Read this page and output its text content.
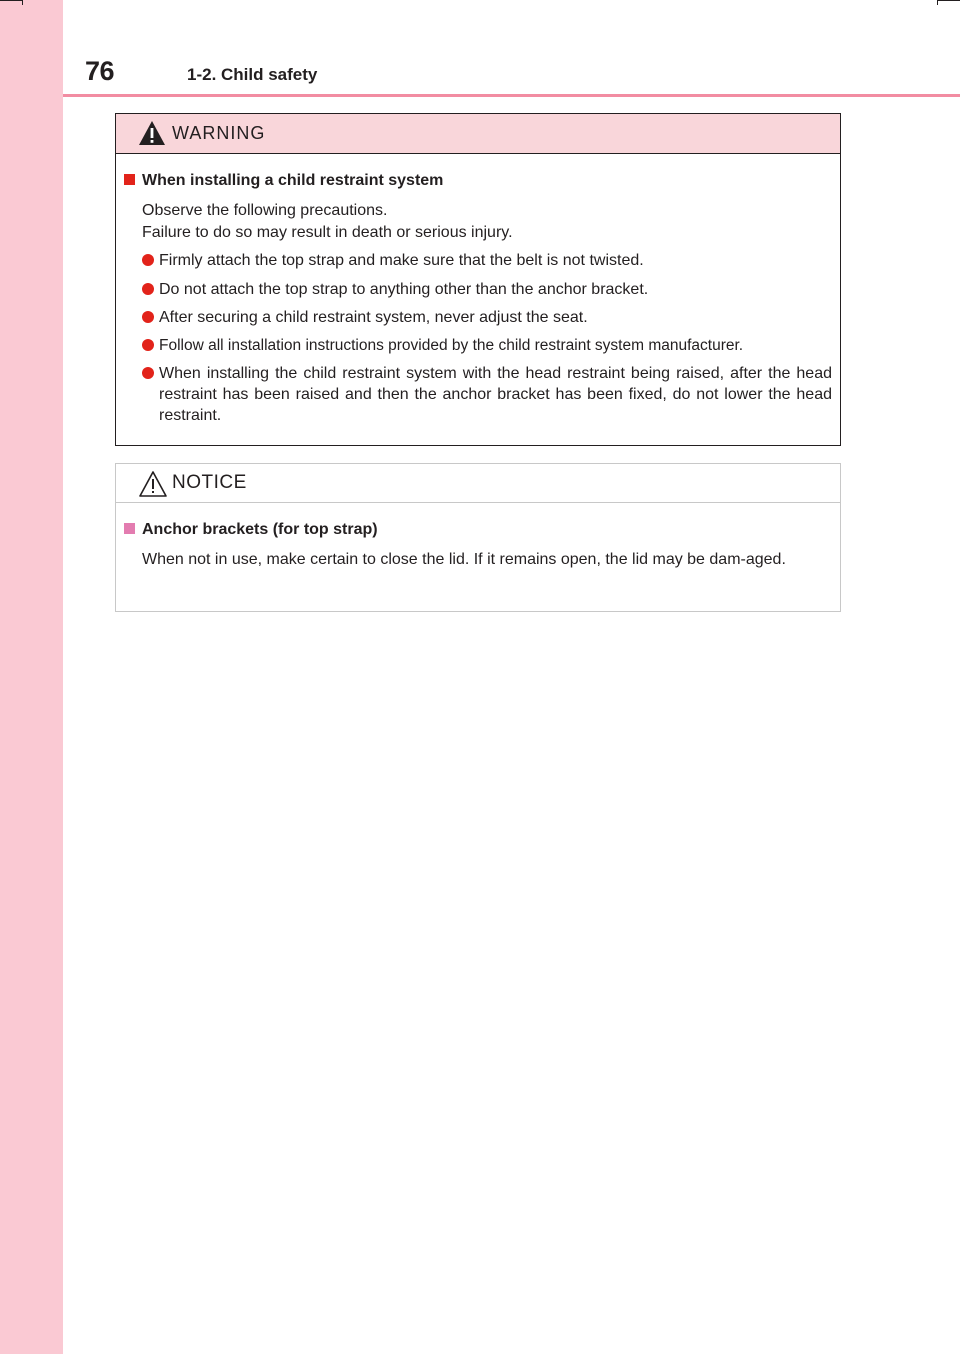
76	1-2. Child safety
WARNING
When installing a child restraint system
Observe the following precautions.
Failure to do so may result in death or serious injury.
Firmly attach the top strap and make sure that the belt is not twisted.
Do not attach the top strap to anything other than the anchor bracket.
After securing a child restraint system, never adjust the seat.
Follow all installation instructions provided by the child restraint system manufacturer.
When installing the child restraint system with the head restraint being raised, after the head restraint has been raised and then the anchor bracket has been fixed, do not lower the head restraint.
NOTICE
Anchor brackets (for top strap)
When not in use, make certain to close the lid. If it remains open, the lid may be dam-aged.
